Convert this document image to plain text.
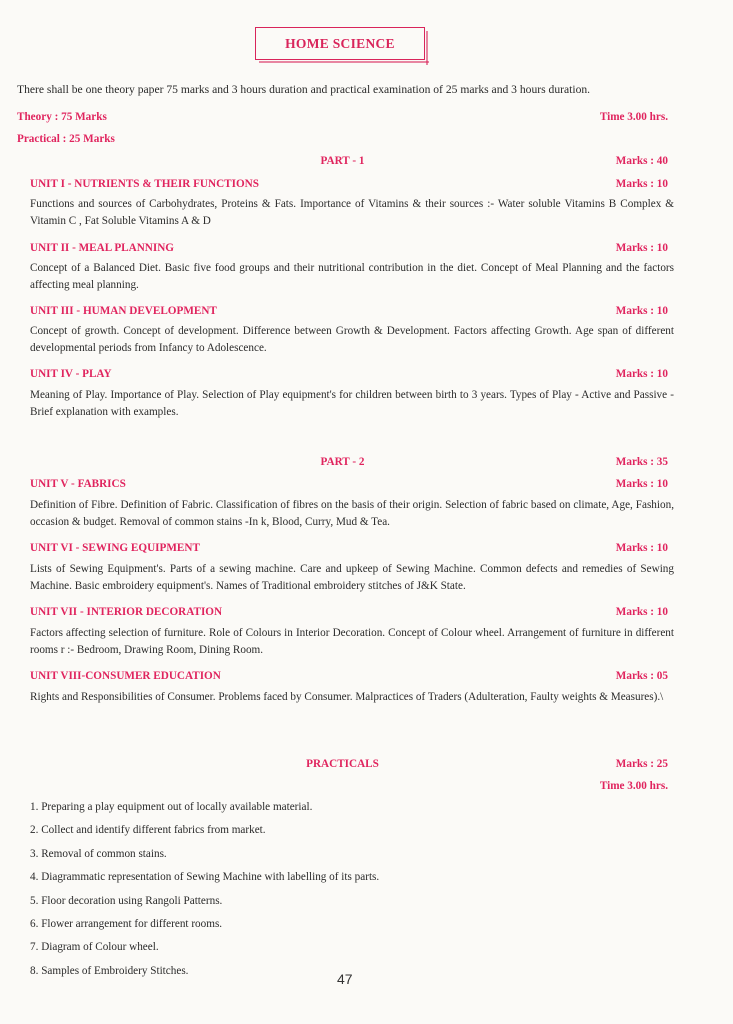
HOME SCIENCE
There shall be one theory paper 75 marks and 3 hours duration and practical examination of 25 marks and 3 hours duration.
Theory : 75 Marks	Time 3.00 hrs.
Practical : 25 Marks
PART - 1	Marks : 40
UNIT I - NUTRIENTS & THEIR FUNCTIONS	Marks : 10
Functions and sources of Carbohydrates, Proteins & Fats. Importance of Vitamins & their sources :- Water soluble Vitamins B Complex & Vitamin C , Fat Soluble Vitamins A & D
UNIT II - MEAL PLANNING	Marks : 10
Concept of a Balanced Diet. Basic five food groups and their nutritional contribution in the diet. Concept of Meal Planning and the factors affecting meal planning.
UNIT III - HUMAN DEVELOPMENT	Marks : 10
Concept of growth. Concept of development. Difference between Growth & Development. Factors affecting Growth. Age span of different developmental periods from Infancy to Adolescence.
UNIT IV - PLAY	Marks : 10
Meaning of Play. Importance of Play. Selection of Play equipment's for children between birth to 3 years. Types of Play - Active and Passive -Brief explanation with examples.
PART - 2	Marks : 35
UNIT V - FABRICS	Marks : 10
Definition of Fibre. Definition of Fabric. Classification of fibres on the basis of their origin. Selection of fabric based on climate, Age, Fashion, occasion & budget. Removal of common stains -In k, Blood, Curry, Mud & Tea.
UNIT VI - SEWING EQUIPMENT	Marks : 10
Lists of Sewing Equipment's. Parts of a sewing machine. Care and upkeep of Sewing Machine. Common defects and remedies of Sewing Machine. Basic embroidery equipment's. Names of Traditional embroidery stitches of J&K State.
UNIT VII - INTERIOR DECORATION	Marks : 10
Factors affecting selection of furniture. Role of Colours in Interior Decoration. Concept of Colour wheel. Arrangement of furniture in different rooms r :- Bedroom, Drawing Room, Dining Room.
UNIT VIII-CONSUMER EDUCATION	Marks : 05
Rights and Responsibilities of Consumer. Problems faced by Consumer. Malpractices of Traders (Adulteration, Faulty weights & Measures).\
PRACTICALS	Marks : 25
Time 3.00 hrs.
1. Preparing a play equipment out of locally available material.
2. Collect and identify different fabrics from market.
3. Removal of common stains.
4. Diagrammatic representation of Sewing Machine with labelling of its parts.
5. Floor decoration using Rangoli Patterns.
6. Flower arrangement for different rooms.
7. Diagram of Colour wheel.
8. Samples of Embroidery Stitches.
47
